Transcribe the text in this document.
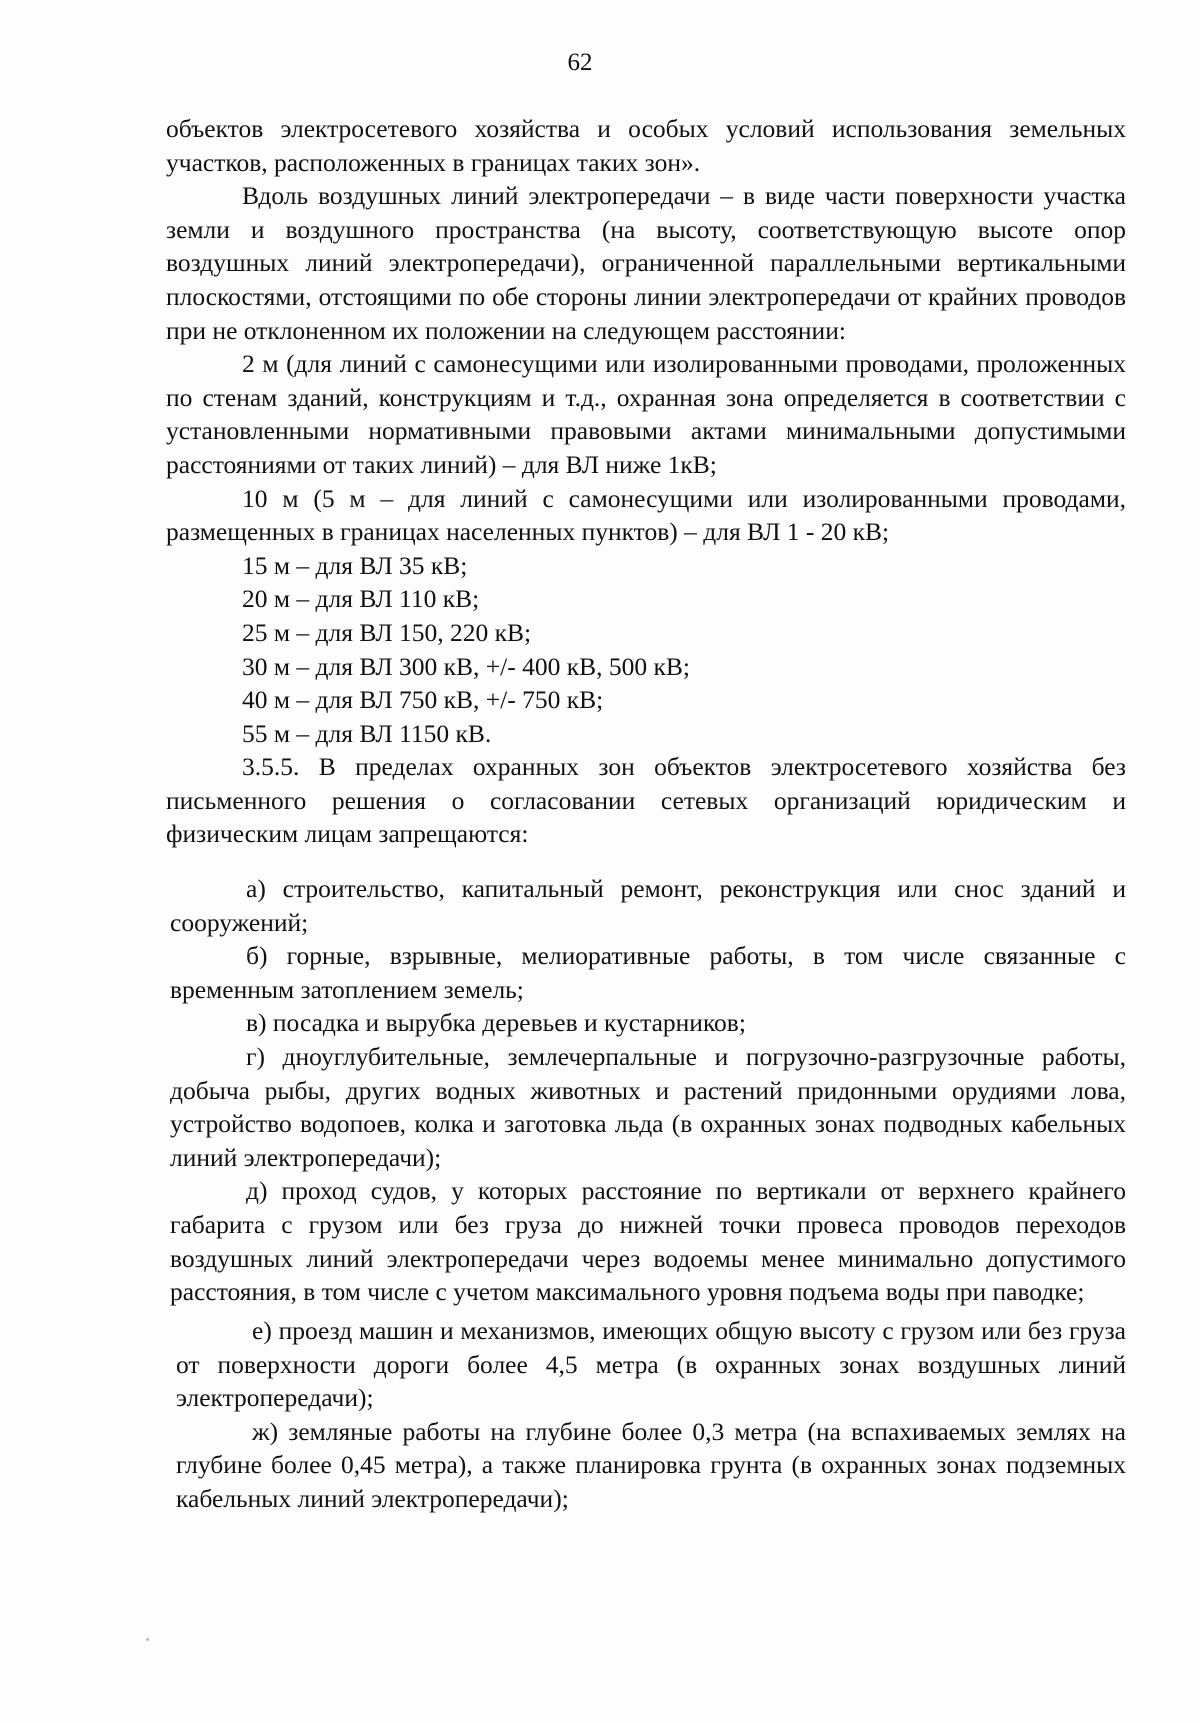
62

объектов электросетевого хозяйства и особых условий использования земельных участков, расположенных в границах таких зон».

Вдоль воздушных линий электропередачи – в виде части поверхности участка земли и воздушного пространства (на высоту, соответствующую высоте опор воздушных линий электропередачи), ограниченной параллельными вертикальными плоскостями, отстоящими по обе стороны линии электропередачи от крайних проводов при не отклоненном их положении на следующем расстоянии:

2 м (для линий с самонесущими или изолированными проводами, проложенных по стенам зданий, конструкциям и т.д., охранная зона определяется в соответствии с установленными нормативными правовыми актами минимальными допустимыми расстояниями от таких линий) – для ВЛ ниже 1кВ;

10 м (5 м – для линий с самонесущими или изолированными проводами, размещенных в границах населенных пунктов) – для ВЛ 1 - 20 кВ;

15 м – для ВЛ 35 кВ;

20 м – для ВЛ 110 кВ;

25 м – для ВЛ 150, 220 кВ;

30 м – для ВЛ 300 кВ, +/- 400 кВ, 500 кВ;

40 м – для ВЛ 750 кВ, +/- 750 кВ;

55 м – для ВЛ 1150 кВ.

3.5.5. В пределах охранных зон объектов электросетевого хозяйства без письменного решения о согласовании сетевых организаций юридическим и физическим лицам запрещаются:

а) строительство, капитальный ремонт, реконструкция или снос зданий и сооружений;

б) горные, взрывные, мелиоративные работы, в том числе связанные с временным затоплением земель;

в) посадка и вырубка деревьев и кустарников;

г) дноуглубительные, землечерпальные и погрузочно-разгрузочные работы, добыча рыбы, других водных животных и растений придонными орудиями лова, устройство водопоев, колка и заготовка льда (в охранных зонах подводных кабельных линий электропередачи);

д) проход судов, у которых расстояние по вертикали от верхнего крайнего габарита с грузом или без груза до нижней точки провеса проводов переходов воздушных линий электропередачи через водоемы менее минимально допустимого расстояния, в том числе с учетом максимального уровня подъема воды при паводке;

е) проезд машин и механизмов, имеющих общую высоту с грузом или без груза от поверхности дороги более 4,5 метра (в охранных зонах воздушных линий электропередачи);

ж) земляные работы на глубине более 0,3 метра (на вспахиваемых землях на глубине более 0,45 метра), а также планировка грунта (в охранных зонах подземных кабельных линий электропередачи);
